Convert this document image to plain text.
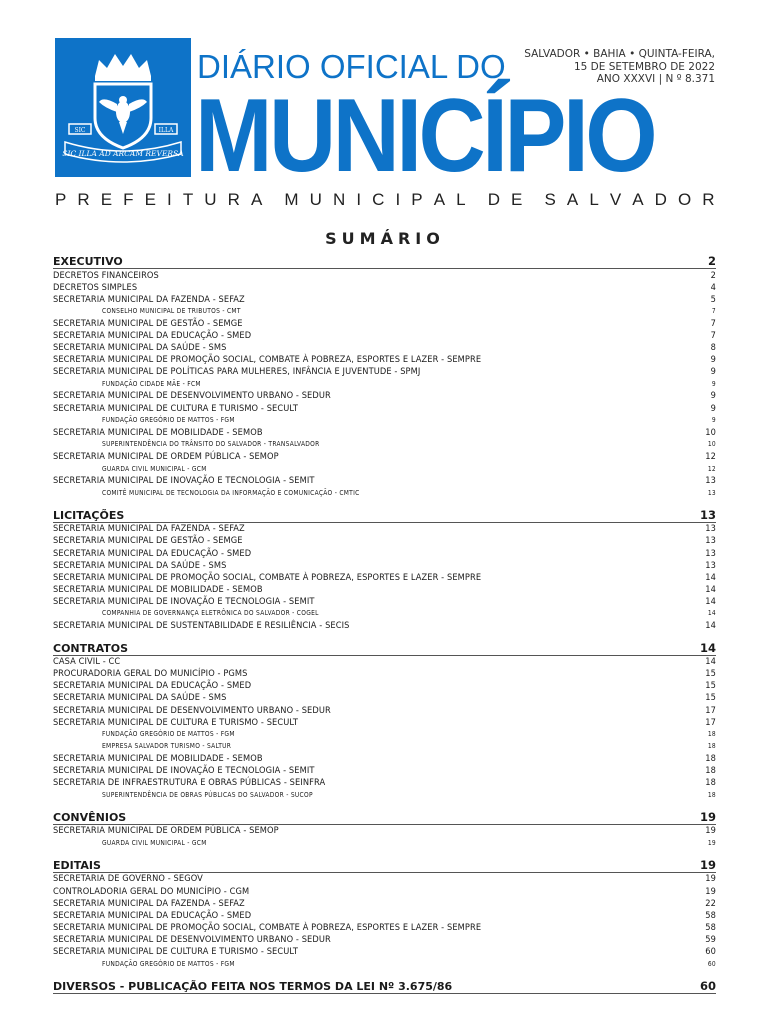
SIC	ILLA
SIC ILLA AD ARCAM REVERSA
DIÁRIO OFICIAL DO
MUNICÍPIO
SALVADOR • BAHIA • QUINTA-FEIRA,
15 DE SETEMBRO DE 2022
ANO XXXVI | N º 8.371
P R E F E I T U R A M U N I C I P A L D E S A L V A D O R
SUMÁRIO
EXECUTIVO	2
DECRETOS FINANCEIROS	2
DECRETOS SIMPLES	4
SECRETARIA MUNICIPAL DA FAZENDA - SEFAZ	5
CONSELHO MUNICIPAL DE TRIBUTOS - CMT	7
SECRETARIA MUNICIPAL DE GESTÃO - SEMGE	7
SECRETARIA MUNICIPAL DA EDUCAÇÃO - SMED	7
SECRETARIA MUNICIPAL DA SAÚDE - SMS	8
SECRETARIA MUNICIPAL DE PROMOÇÃO SOCIAL, COMBATE À POBREZA, ESPORTES E LAZER - SEMPRE	9
SECRETARIA MUNICIPAL DE POLÍTICAS PARA MULHERES, INFÂNCIA E JUVENTUDE - SPMJ	9
FUNDAÇÃO CIDADE MÃE - FCM	9
SECRETARIA MUNICIPAL DE DESENVOLVIMENTO URBANO - SEDUR	9
SECRETARIA MUNICIPAL DE CULTURA E TURISMO - SECULT	9
FUNDAÇÃO GREGÓRIO DE MATTOS - FGM	9
SECRETARIA MUNICIPAL DE MOBILIDADE - SEMOB	10
SUPERINTENDÊNCIA DO TRÂNSITO DO SALVADOR - TRANSALVADOR	10
SECRETARIA MUNICIPAL DE ORDEM PÚBLICA - SEMOP	12
GUARDA CIVIL MUNICIPAL - GCM	12
SECRETARIA MUNICIPAL DE INOVAÇÃO E TECNOLOGIA - SEMIT	13
COMITÊ MUNICIPAL DE TECNOLOGIA DA INFORMAÇÃO E COMUNICAÇÃO - CMTIC	13
LICITAÇÕES	13
SECRETARIA MUNICIPAL DA FAZENDA - SEFAZ	13
SECRETARIA MUNICIPAL DE GESTÃO - SEMGE	13
SECRETARIA MUNICIPAL DA EDUCAÇÃO - SMED	13
SECRETARIA MUNICIPAL DA SAÚDE - SMS	13
SECRETARIA MUNICIPAL DE PROMOÇÃO SOCIAL, COMBATE À POBREZA, ESPORTES E LAZER - SEMPRE	14
SECRETARIA MUNICIPAL DE MOBILIDADE - SEMOB	14
SECRETARIA MUNICIPAL DE INOVAÇÃO E TECNOLOGIA - SEMIT	14
COMPANHIA DE GOVERNANÇA ELETRÔNICA DO SALVADOR - COGEL	14
SECRETARIA MUNICIPAL DE SUSTENTABILIDADE E RESILIÊNCIA - SECIS	14
CONTRATOS	14
CASA CIVIL - CC	14
PROCURADORIA GERAL DO MUNICÍPIO - PGMS	15
SECRETARIA MUNICIPAL DA EDUCAÇÃO - SMED	15
SECRETARIA MUNICIPAL DA SAÚDE - SMS	15
SECRETARIA MUNICIPAL DE DESENVOLVIMENTO URBANO - SEDUR	17
SECRETARIA MUNICIPAL DE CULTURA E TURISMO - SECULT	17
FUNDAÇÃO GREGÓRIO DE MATTOS - FGM	18
EMPRESA SALVADOR TURISMO - SALTUR	18
SECRETARIA MUNICIPAL DE MOBILIDADE - SEMOB	18
SECRETARIA MUNICIPAL DE INOVAÇÃO E TECNOLOGIA - SEMIT	18
SECRETARIA DE INFRAESTRUTURA E OBRAS PÚBLICAS - SEINFRA	18
SUPERINTENDÊNCIA DE OBRAS PÚBLICAS DO SALVADOR - SUCOP	18
CONVÊNIOS	19
SECRETARIA MUNICIPAL DE ORDEM PÚBLICA - SEMOP	19
GUARDA CIVIL MUNICIPAL - GCM	19
EDITAIS	19
SECRETARIA DE GOVERNO - SEGOV	19
CONTROLADORIA GERAL DO MUNICÍPIO - CGM	19
SECRETARIA MUNICIPAL DA FAZENDA - SEFAZ	22
SECRETARIA MUNICIPAL DA EDUCAÇÃO - SMED	58
SECRETARIA MUNICIPAL DE PROMOÇÃO SOCIAL, COMBATE À POBREZA, ESPORTES E LAZER - SEMPRE	58
SECRETARIA MUNICIPAL DE DESENVOLVIMENTO URBANO - SEDUR	59
SECRETARIA MUNICIPAL DE CULTURA E TURISMO - SECULT	60
FUNDAÇÃO GREGÓRIO DE MATTOS - FGM	60
DIVERSOS - PUBLICAÇÃO FEITA NOS TERMOS DA LEI Nº 3.675/86	60
